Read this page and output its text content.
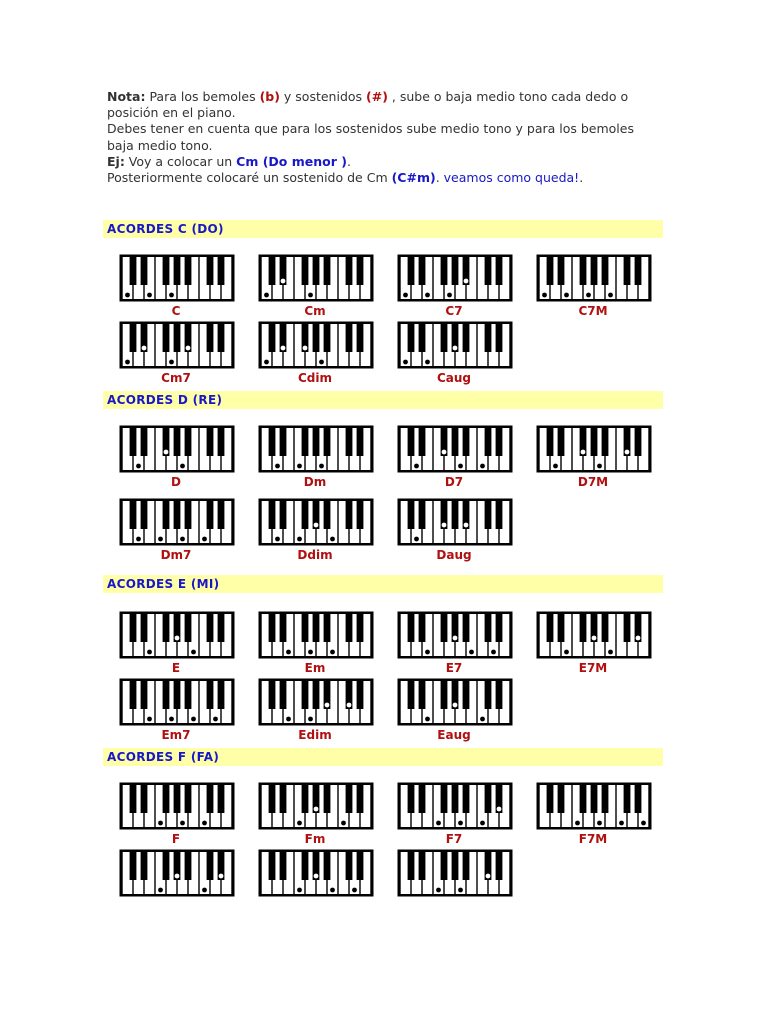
Nota: Para los bemoles (b) y sostenidos (#) , sube o baja medio tono cada dedo o

posición en el piano.

Debes tener en cuenta que para los sostenidos sube medio tono y para los bemoles

baja medio tono.

Ej: Voy a colocar un Cm (Do menor ).

Posteriormente colocaré un sostenido de Cm (C#m). veamos como queda!.

ACORDES C (DO)
C	Cm	C7	C7M
Cm7	Cdim	Caug
ACORDES D (RE)
D	Dm	D7	D7M
Dm7	Ddim	Daug
ACORDES E (MI)
E	Em	E7	E7M
Em7	Edim	Eaug
ACORDES F (FA)
F	Fm	F7	F7M
